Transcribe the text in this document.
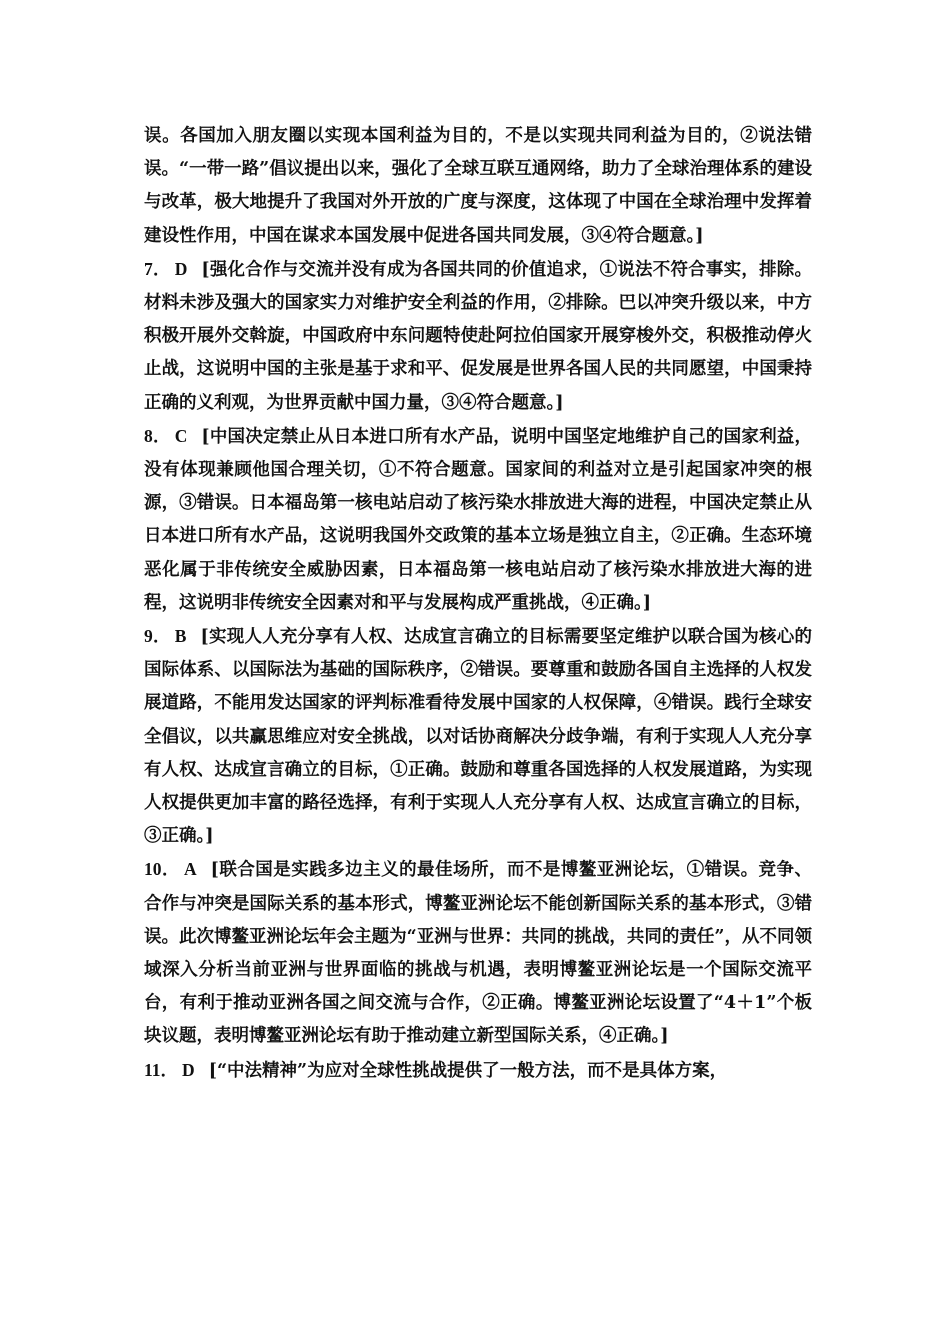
误。各国加入朋友圈以实现本国利益为目的，不是以实现共同利益为目的，②说法错误。“一带一路”倡议提出以来，强化了全球互联互通网络，助力了全球治理体系的建设与改革，极大地提升了我国对外开放的广度与深度，这体现了中国在全球治理中发挥着建设性作用，中国在谋求本国发展中促进各国共同发展，③④符合题意。]

7． D [强化合作与交流并没有成为各国共同的价值追求，①说法不符合事实，排除。材料未涉及强大的国家实力对维护安全利益的作用，②排除。巴以冲突升级以来，中方积极开展外交斡旋，中国政府中东问题特使赴阿拉伯国家开展穿梭外交，积极推动停火止战，这说明中国的主张是基于求和平、促发展是世界各国人民的共同愿望，中国秉持正确的义利观，为世界贡献中国力量，③④符合题意。]

8． C [中国决定禁止从日本进口所有水产品，说明中国坚定地维护自己的国家利益，没有体现兼顾他国合理关切，①不符合题意。国家间的利益对立是引起国家冲突的根源，③错误。日本福岛第一核电站启动了核污染水排放进大海的进程，中国决定禁止从日本进口所有水产品，这说明我国外交政策的基本立场是独立自主，②正确。生态环境恶化属于非传统安全威胁因素，日本福岛第一核电站启动了核污染水排放进大海的进程，这说明非传统安全因素对和平与发展构成严重挑战，④正确。]

9． B [实现人人充分享有人权、达成宣言确立的目标需要坚定维护以联合国为核心的国际体系、以国际法为基础的国际秩序，②错误。要尊重和鼓励各国自主选择的人权发展道路，不能用发达国家的评判标准看待发展中国家的人权保障，④错误。践行全球安全倡议，以共赢思维应对安全挑战，以对话协商解决分歧争端，有利于实现人人充分享有人权、达成宣言确立的目标，①正确。鼓励和尊重各国选择的人权发展道路，为实现人权提供更加丰富的路径选择，有利于实现人人充分享有人权、达成宣言确立的目标，③正确。]

10． A [联合国是实践多边主义的最佳场所，而不是博鳌亚洲论坛，①错误。竞争、合作与冲突是国际关系的基本形式，博鳌亚洲论坛不能创新国际关系的基本形式，③错误。此次博鳌亚洲论坛年会主题为“亚洲与世界：共同的挑战，共同的责任”，从不同领域深入分析当前亚洲与世界面临的挑战与机遇，表明博鳌亚洲论坛是一个国际交流平台，有利于推动亚洲各国之间交流与合作，②正确。博鳌亚洲论坛设置了“4＋1”个板块议题，表明博鳌亚洲论坛有助于推动建立新型国际关系，④正确。]

11． D [“中法精神”为应对全球性挑战提供了一般方法，而不是具体方案，
